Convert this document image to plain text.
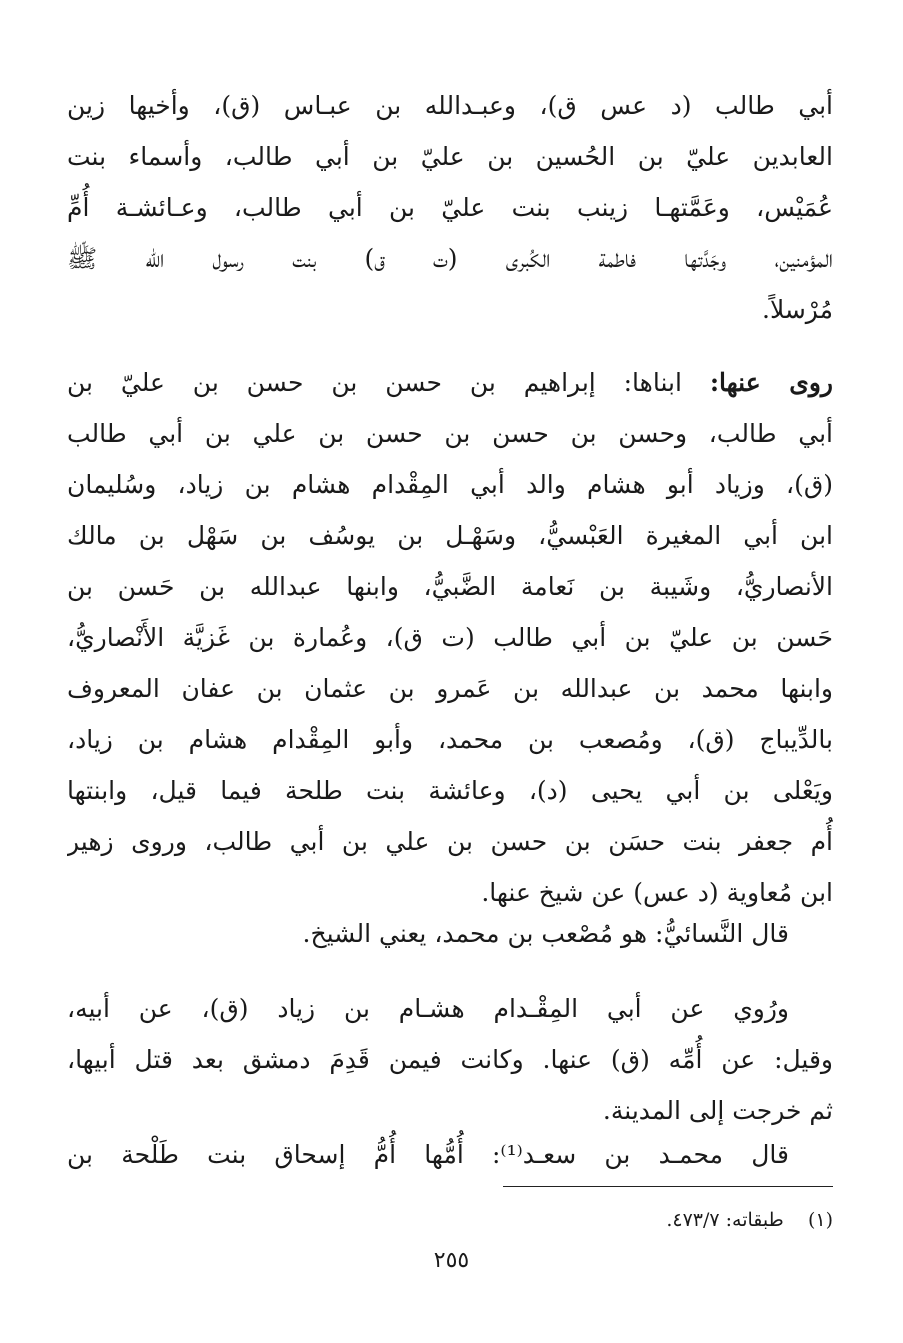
أبي طالب (د عس ق)، وعبـدالله بن عبـاس (ق)، وأخيها زين
العابدين عليّ بن الحُسين بن عليّ بن أبي طالب، وأسماء بنت
عُمَيْس، وعَمَّتهـا زينب بنت عليّ بن أبي طالب، وعـائشـة أُمِّ
المؤمنين، وجَدَّتها فاطمة الكُبرى (ت ق) بنت رسول الله ﷺ
مُرْسلاً.
روى عنها: ابناها: إبراهيم بن حسن بن حسن بن عليّ بن
أبي طالب، وحسن بن حسن بن حسن بن علي بن أبي طالب
(ق)، وزياد أبو هشام والد أبي المِقْدام هشام بن زياد، وسُليمان
ابن أبي المغيرة العَبْسيُّ، وسَهْـل بن يوسُف بن سَهْل بن مالك
الأنصاريُّ، وشَيبة بن نَعامة الضَّبيُّ، وابنها عبدالله بن حَسن بن
حَسن بن عليّ بن أبي طالب (ت ق)، وعُمارة بن غَزيَّة الأَنْصاريُّ،
وابنها محمد بن عبدالله بن عَمرو بن عثمان بن عفان المعروف
بالدِّيباج (ق)، ومُصعب بن محمد، وأبو المِقْدام هشام بن زياد،
ويَعْلى بن أبي يحيى (د)، وعائشة بنت طلحة فيما قيل، وابنتها
أُم جعفر بنت حسَن بن حسن بن علي بن أبي طالب، وروى زهير
ابن مُعاوية (د عس) عن شيخ عنها.
قال النَّسائيُّ: هو مُصْعب بن محمد، يعني الشيخ.
ورُوي عن أبي المِقْـدام هشـام بن زياد (ق)، عن أبيه،
وقيل: عن أُمِّه (ق) عنها. وكانت فيمن قَدِمَ دمشق بعد قتل أبيها،
ثم خرجت إلى المدينة.
قال محمـد بن سعـد⁽¹⁾: أُمُّها أُمُّ إسحاق بنت طَلْحة بن
(١)    طبقاته: ٤٧٣/٧.
٢٥٥
